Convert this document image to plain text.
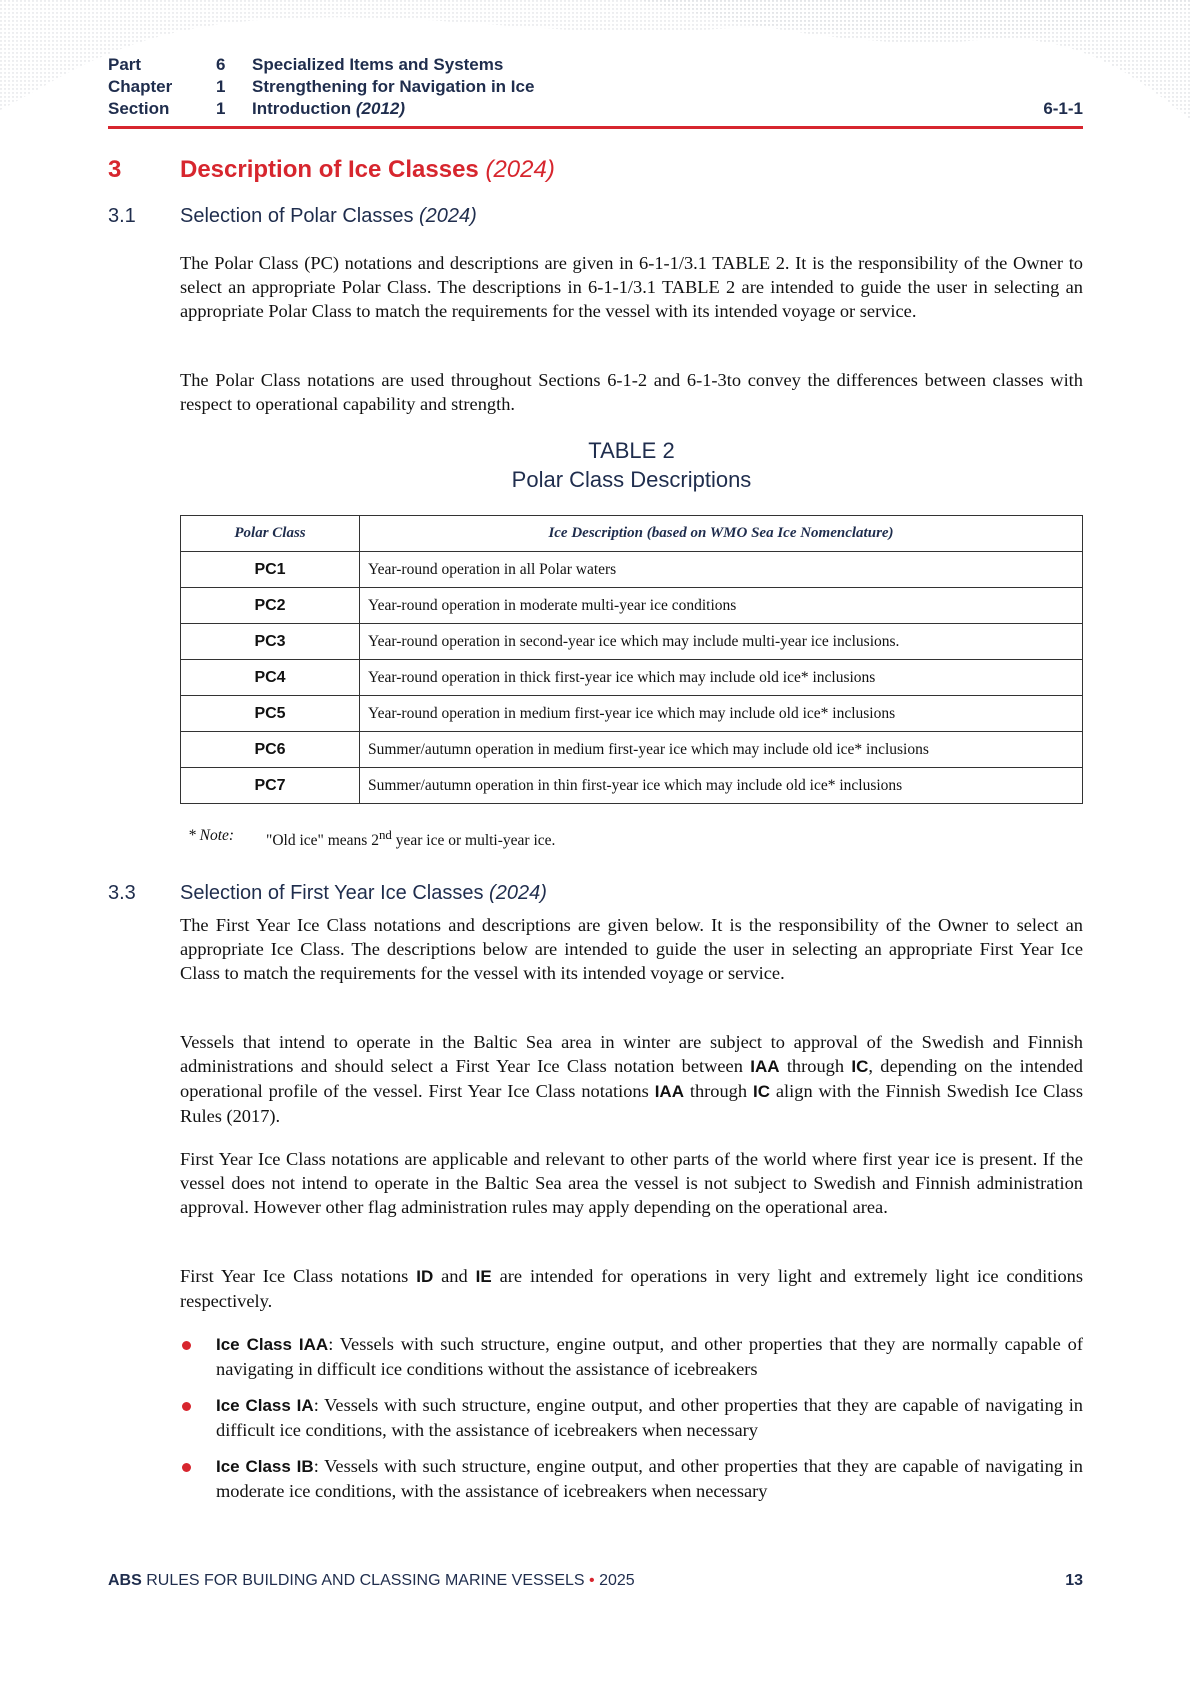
Part	6 Specialized Items and Systems
Chapter	1 Strengthening for Navigation in Ice
Section	1 Introduction (2012)	6-1-1
3 Description of Ice Classes (2024)
3.1 Selection of Polar Classes (2024)

The Polar Class (PC) notations and descriptions are given in 6-1-1/3.1 TABLE 2. It is the responsibility of the Owner to select an appropriate Polar Class. The descriptions in 6-1-1/3.1 TABLE 2 are intended to guide the user in selecting an appropriate Polar Class to match the requirements for the vessel with its intended voyage or service.

The Polar Class notations are used throughout Sections 6-1-2 and 6-1-3to convey the differences between classes with respect to operational capability and strength.

TABLE 2
Polar Class Descriptions
Polar Class	Ice Description (based on WMO Sea Ice Nomenclature)
PC1	Year-round operation in all Polar waters
PC2	Year-round operation in moderate multi-year ice conditions
PC3	Year-round operation in second-year ice which may include multi-year ice inclusions.
PC4	Year-round operation in thick first-year ice which may include old ice* inclusions
PC5	Year-round operation in medium first-year ice which may include old ice* inclusions
PC6	Summer/autumn operation in medium first-year ice which may include old ice* inclusions
PC7	Summer/autumn operation in thin first-year ice which may include old ice* inclusions
* Note: "Old ice" means 2nd year ice or multi-year ice.
3.3 Selection of First Year Ice Classes (2024)

The First Year Ice Class notations and descriptions are given below. It is the responsibility of the Owner to select an appropriate Ice Class. The descriptions below are intended to guide the user in selecting an appropriate First Year Ice Class to match the requirements for the vessel with its intended voyage or service.

Vessels that intend to operate in the Baltic Sea area in winter are subject to approval of the Swedish and Finnish administrations and should select a First Year Ice Class notation between IAA through IC, depending on the intended operational profile of the vessel. First Year Ice Class notations IAA through IC align with the Finnish Swedish Ice Class Rules (2017).

First Year Ice Class notations are applicable and relevant to other parts of the world where first year ice is present. If the vessel does not intend to operate in the Baltic Sea area the vessel is not subject to Swedish and Finnish administration approval. However other flag administration rules may apply depending on the operational area.

First Year Ice Class notations ID and IE are intended for operations in very light and extremely light ice conditions respectively.

Ice Class IAA: Vessels with such structure, engine output, and other properties that they are normally capable of navigating in difficult ice conditions without the assistance of icebreakers
Ice Class IA: Vessels with such structure, engine output, and other properties that they are capable of navigating in difficult ice conditions, with the assistance of icebreakers when necessary
Ice Class IB: Vessels with such structure, engine output, and other properties that they are capable of navigating in moderate ice conditions, with the assistance of icebreakers when necessary
ABS RULES FOR BUILDING AND CLASSING MARINE VESSELS • 2025	13
